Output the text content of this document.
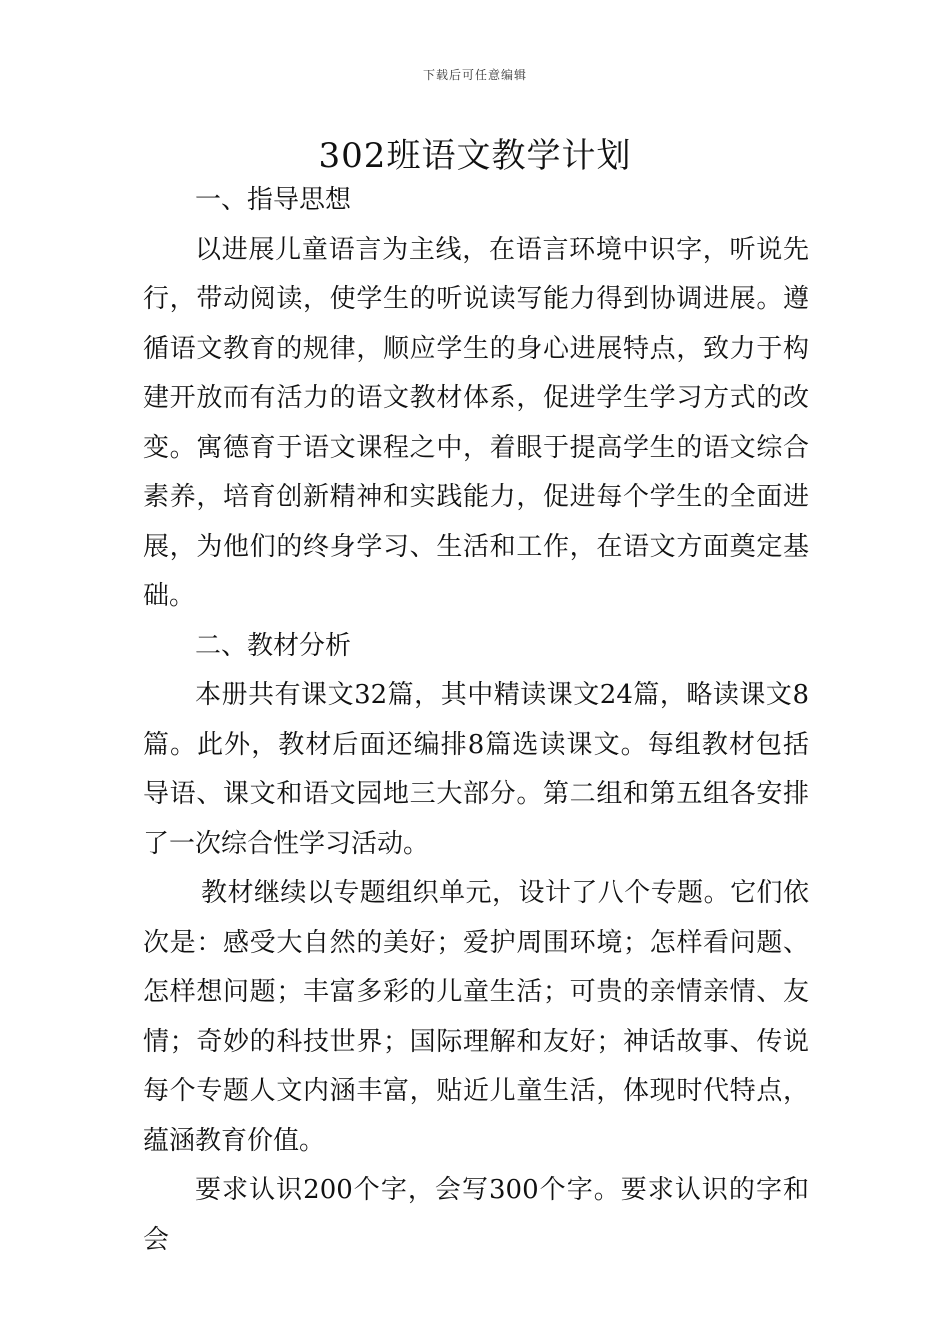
下载后可任意编辑
302班语文教学计划

一、指导思想

以进展儿童语言为主线，在语言环境中识字，听说先行，带动阅读，使学生的听说读写能力得到协调进展。遵循语文教育的规律，顺应学生的身心进展特点，致力于构建开放而有活力的语文教材体系，促进学生学习方式的改变。寓德育于语文课程之中，着眼于提高学生的语文综合素养，培育创新精神和实践能力，促进每个学生的全面进展，为他们的终身学习、生活和工作，在语文方面奠定基础。

二、教材分析

本册共有课文32篇，其中精读课文24篇，略读课文8篇。此外，教材后面还编排8篇选读课文。每组教材包括导语、课文和语文园地三大部分。第二组和第五组各安排了一次综合性学习活动。

教材继续以专题组织单元，设计了八个专题。它们依次是：感受大自然的美好；爱护周围环境；怎样看问题、怎样想问题；丰富多彩的儿童生活；可贵的亲情亲情、友情；奇妙的科技世界；国际理解和友好；神话故事、传说每个专题人文内涵丰富，贴近儿童生活，体现时代特点，蕴涵教育价值。

要求认识200个字，会写300个字。要求认识的字和会
